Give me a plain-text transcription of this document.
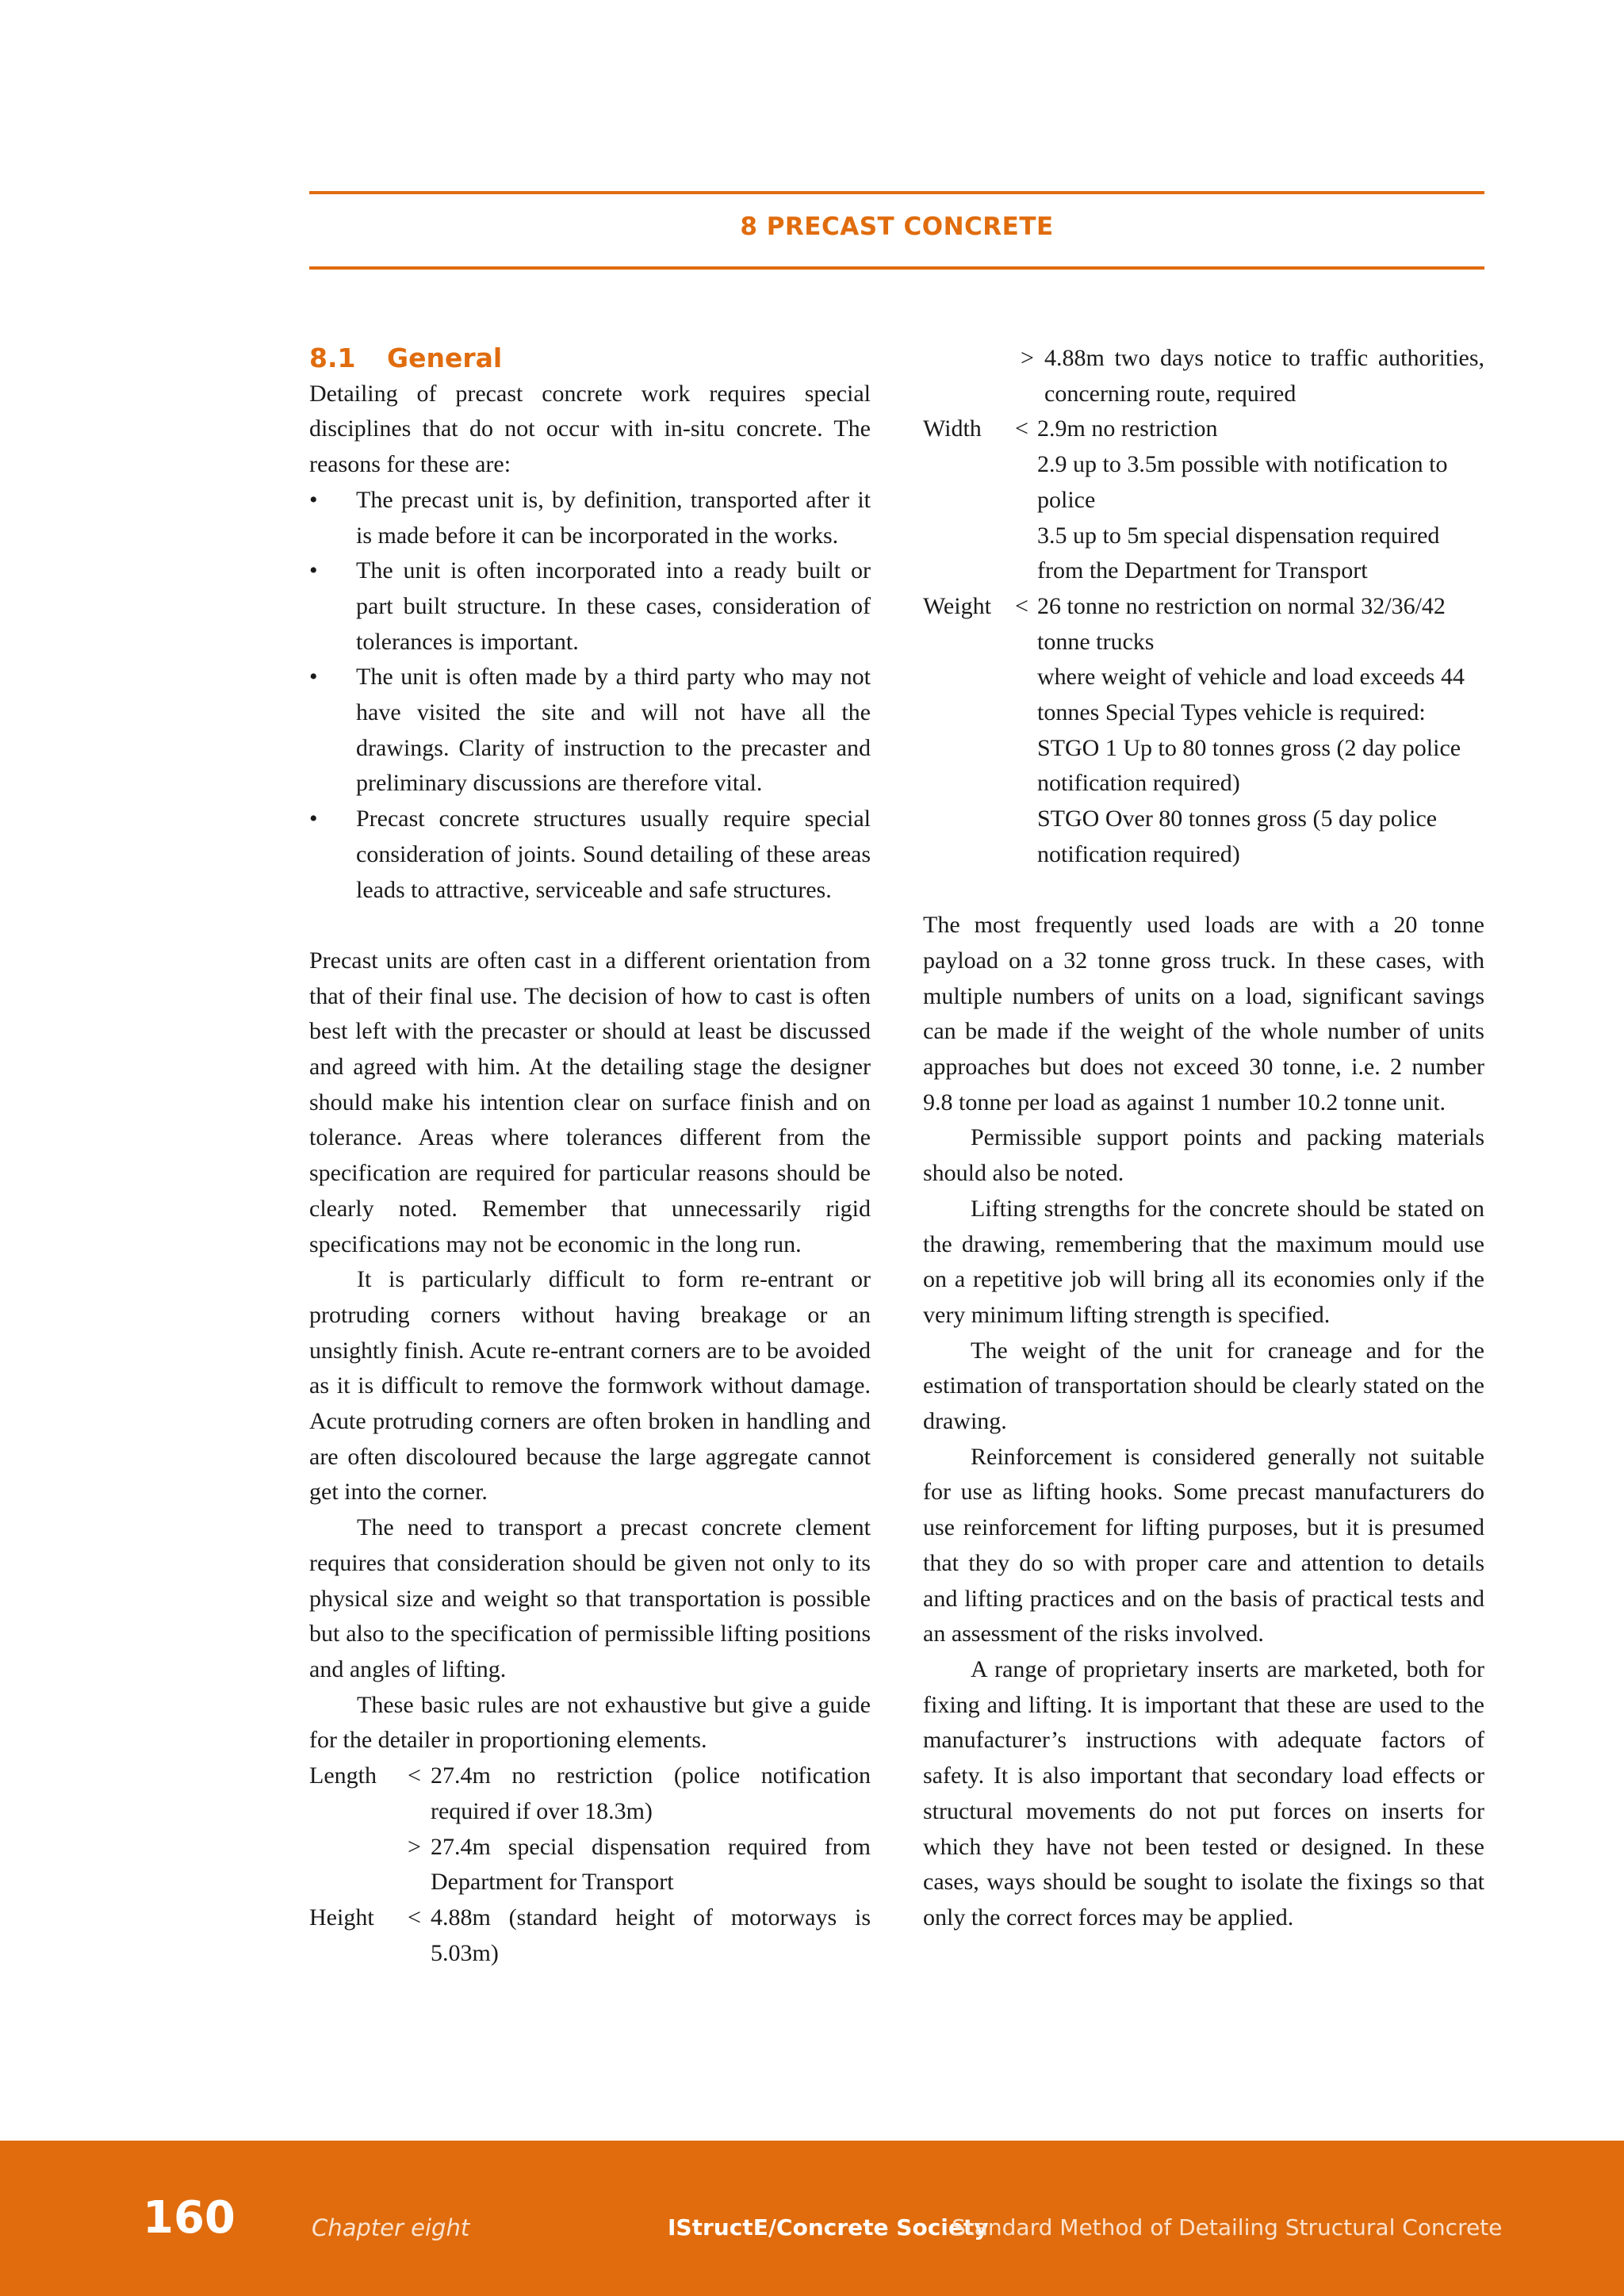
8 PRECAST CONCRETE
8.1 General

Detailing of precast concrete work requires special disciplines that do not occur with in-situ concrete. The reasons for these are:

• The precast unit is, by definition, transported after it is made before it can be incorporated in the works.
• The unit is often incorporated into a ready built or part built structure. In these cases, consideration of tolerances is important.
• The unit is often made by a third party who may not have visited the site and will not have all the drawings. Clarity of instruction to the precaster and preliminary discussions are therefore vital.
• Precast concrete structures usually require special consideration of joints. Sound detailing of these areas leads to attractive, serviceable and safe structures.

Precast units are often cast in a different orientation from that of their final use. The decision of how to cast is often best left with the precaster or should at least be discussed and agreed with him. At the detailing stage the designer should make his intention clear on surface finish and on tolerance. Areas where tolerances different from the specification are required for particular reasons should be clearly noted. Remember that unnecessarily rigid specifications may not be economic in the long run.

It is particularly difficult to form re-entrant or protruding corners without having breakage or an unsightly finish. Acute re-entrant corners are to be avoided as it is difficult to remove the formwork without damage. Acute protruding corners are often broken in handling and are often discoloured because the large aggregate cannot get into the corner.

The need to transport a precast concrete clement requires that consideration should be given not only to its physical size and weight so that transportation is possible but also to the specification of permissible lifting positions and angles of lifting.

These basic rules are not exhaustive but give a guide for the detailer in proportioning elements.

Length	< 27.4m no restriction (police notification required if over 18.3m)
> 27.4m special dispensation required from Department for Transport
Height	< 4.88m (standard height of motorways is 5.03m)
> 4.88m two days notice to traffic authorities, concerning route, required
Width	< 2.9m no restriction
2.9 up to 3.5m possible with notification to police
3.5 up to 5m special dispensation required from the Department for Transport
Weight	< 26 tonne no restriction on normal 32/36/42 tonne trucks
where weight of vehicle and load exceeds 44 tonnes Special Types vehicle is required:
STGO 1 Up to 80 tonnes gross (2 day police notification required)
STGO Over 80 tonnes gross (5 day police notification required)

The most frequently used loads are with a 20 tonne payload on a 32 tonne gross truck. In these cases, with multiple numbers of units on a load, significant savings can be made if the weight of the whole number of units approaches but does not exceed 30 tonne, i.e. 2 number 9.8 tonne per load as against 1 number 10.2 tonne unit.

Permissible support points and packing materials should also be noted.

Lifting strengths for the concrete should be stated on the drawing, remembering that the maximum mould use on a repetitive job will bring all its economies only if the very minimum lifting strength is specified.

The weight of the unit for craneage and for the estimation of transportation should be clearly stated on the drawing.

Reinforcement is considered generally not suitable for use as lifting hooks. Some precast manufacturers do use reinforcement for lifting purposes, but it is presumed that they do so with proper care and attention to details and lifting practices and on the basis of practical tests and an assessment of the risks involved.

A range of proprietary inserts are marketed, both for fixing and lifting. It is important that these are used to the manufacturer’s instructions with adequate factors of safety. It is also important that secondary load effects or structural movements do not put forces on inserts for which they have not been tested or designed. In these cases, ways should be sought to isolate the fixings so that only the correct forces may be applied.

160	Chapter eight	IStructE/Concrete Society
Standard Method of Detailing Structural Concrete
